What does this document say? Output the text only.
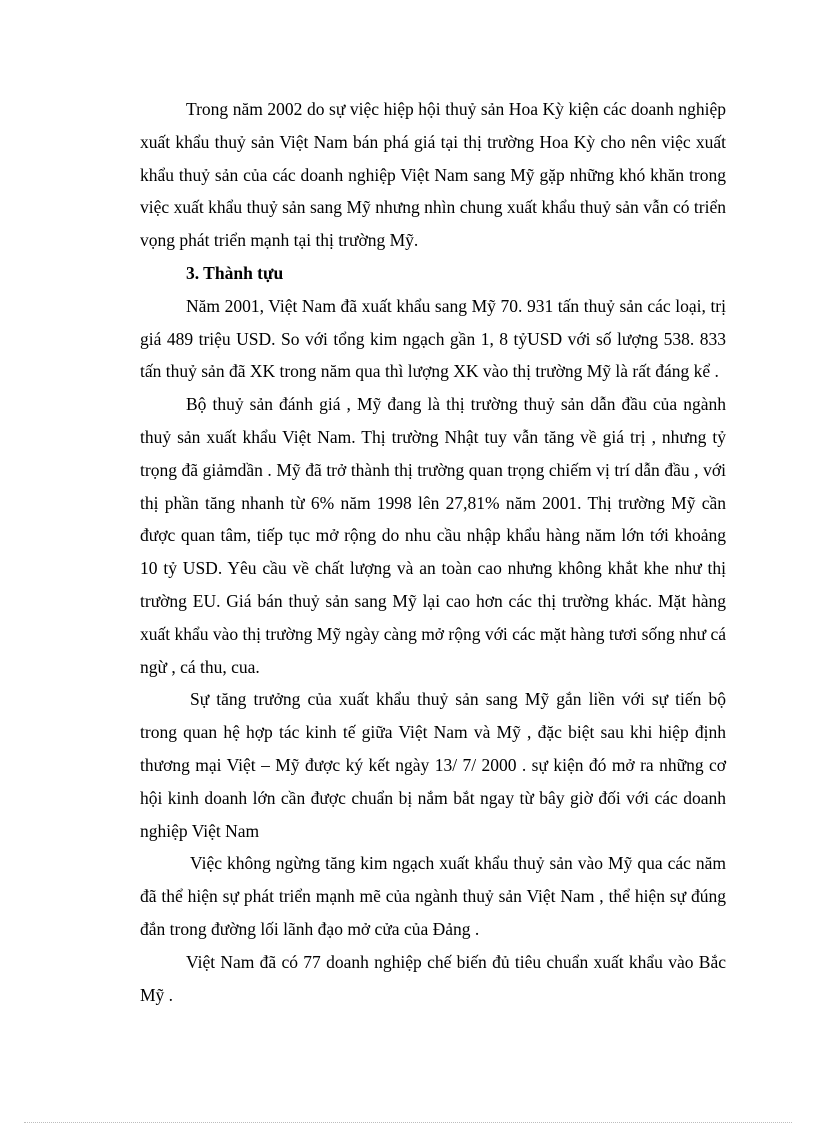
Trong năm 2002 do sự việc hiệp hội thuỷ sản Hoa Kỳ kiện các doanh nghiệp xuất khẩu thuỷ sản Việt Nam bán phá giá tại thị trường Hoa Kỳ cho nên việc xuất khẩu thuỷ sản của các doanh nghiệp Việt Nam sang Mỹ gặp những khó khăn trong việc xuất khẩu thuỷ sản sang Mỹ nhưng nhìn chung xuất khẩu thuỷ sản vẫn có triển vọng phát triển mạnh tại thị trường Mỹ.

3. Thành tựu

Năm 2001, Việt Nam đã xuất khẩu sang Mỹ 70. 931 tấn thuỷ sản các loại, trị giá 489 triệu USD. So với tổng kim ngạch gần 1, 8 tỷUSD với số lượng 538. 833 tấn thuỷ sản đã XK trong năm qua thì lượng XK vào thị trường Mỹ là rất đáng kể .

Bộ thuỷ sản đánh giá , Mỹ đang là thị trường thuỷ sản dẫn đầu của ngành thuỷ sản xuất khẩu Việt Nam. Thị trường Nhật tuy vẫn tăng về giá trị , nhưng tỷ trọng đã giảmdần . Mỹ đã trở thành thị trường quan trọng chiếm vị trí dẫn đầu , với thị phần tăng nhanh từ 6% năm 1998 lên 27,81% năm 2001. Thị trường Mỹ cần được quan tâm, tiếp tục mở rộng do nhu cầu nhập khẩu hàng năm lớn tới khoảng 10 tỷ USD. Yêu cầu về chất lượng và an toàn cao nhưng không khắt khe như thị trường EU. Giá bán thuỷ sản sang Mỹ lại cao hơn các thị trường khác. Mặt hàng xuất khẩu vào thị trường Mỹ ngày càng mở rộng với các mặt hàng tươi sống như cá ngừ , cá thu, cua.

Sự tăng trưởng của xuất khẩu thuỷ sản sang Mỹ gắn liền với sự tiến bộ trong quan hệ hợp tác kinh tế giữa Việt Nam và Mỹ , đặc biệt sau khi hiệp định thương mại Việt – Mỹ được ký kết ngày 13/ 7/ 2000 . sự kiện đó mở ra những cơ hội kinh doanh lớn cần được chuẩn bị nắm bắt ngay từ bây giờ đối với các doanh nghiệp Việt Nam

Việc không ngừng tăng kim ngạch xuất khẩu thuỷ sản vào Mỹ qua các năm đã thể hiện sự phát triển mạnh mẽ của ngành thuỷ sản Việt Nam , thể hiện sự đúng đắn trong đường lối lãnh đạo mở cửa của Đảng .

Việt Nam đã có 77 doanh nghiệp chế biến đủ tiêu chuẩn xuất khẩu vào Bắc Mỹ .
